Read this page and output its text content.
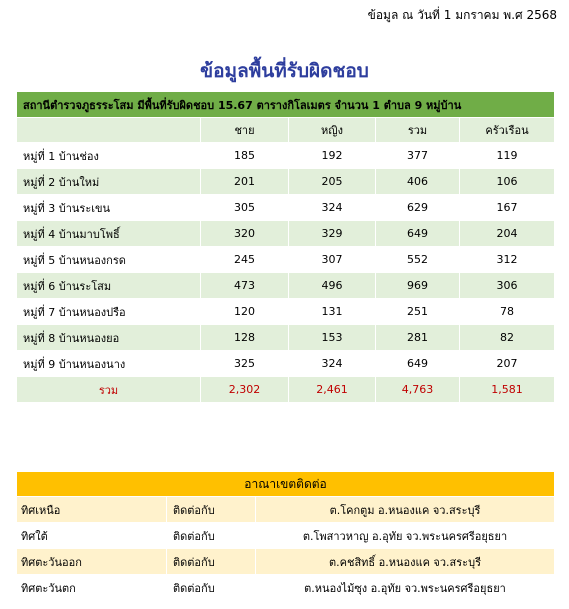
ข้อมูล ณ วันที่ 1 มกราคม พ.ศ 2568
ข้อมูลพื้นที่รับผิดชอบ
สถานีตำรวจภูธรระโสม มีพื้นที่รับผิดชอบ 15.67 ตารางกิโลเมตร จำนวน 1 ตำบล 9 หมู่บ้าน				
	ชาย	หญิง	รวม	ครัวเรือน
หมู่ที่ 1 บ้านช่อง	185	192	377	119
หมู่ที่ 2 บ้านใหม่	201	205	406	106
หมู่ที่ 3 บ้านระเขน	305	324	629	167
หมู่ที่ 4 บ้านมาบโพธิ์	320	329	649	204
หมู่ที่ 5 บ้านหนองกรด	245	307	552	312
หมู่ที่ 6 บ้านระโสม	473	496	969	306
หมู่ที่ 7 บ้านหนองปรือ	120	131	251	78
หมู่ที่ 8 บ้านหนองยอ	128	153	281	82
หมู่ที่ 9 บ้านหนองนาง	325	324	649	207
รวม	2,302	2,461	4,763	1,581
อาณาเขตติดต่อ		
ทิศเหนือ	ติดต่อกับ	ต.โคกตูม อ.หนองแค จว.สระบุรี
ทิศใต้	ติดต่อกับ	ต.โพสาวหาญ อ.อุทัย จว.พระนครศรีอยุธยา
ทิศตะวันออก	ติดต่อกับ	ต.คชสิทธิ์ อ.หนองแค จว.สระบุรี
ทิศตะวันตก	ติดต่อกับ	ต.หนองไม้ซุง อ.อุทัย จว.พระนครศรีอยุธยา
